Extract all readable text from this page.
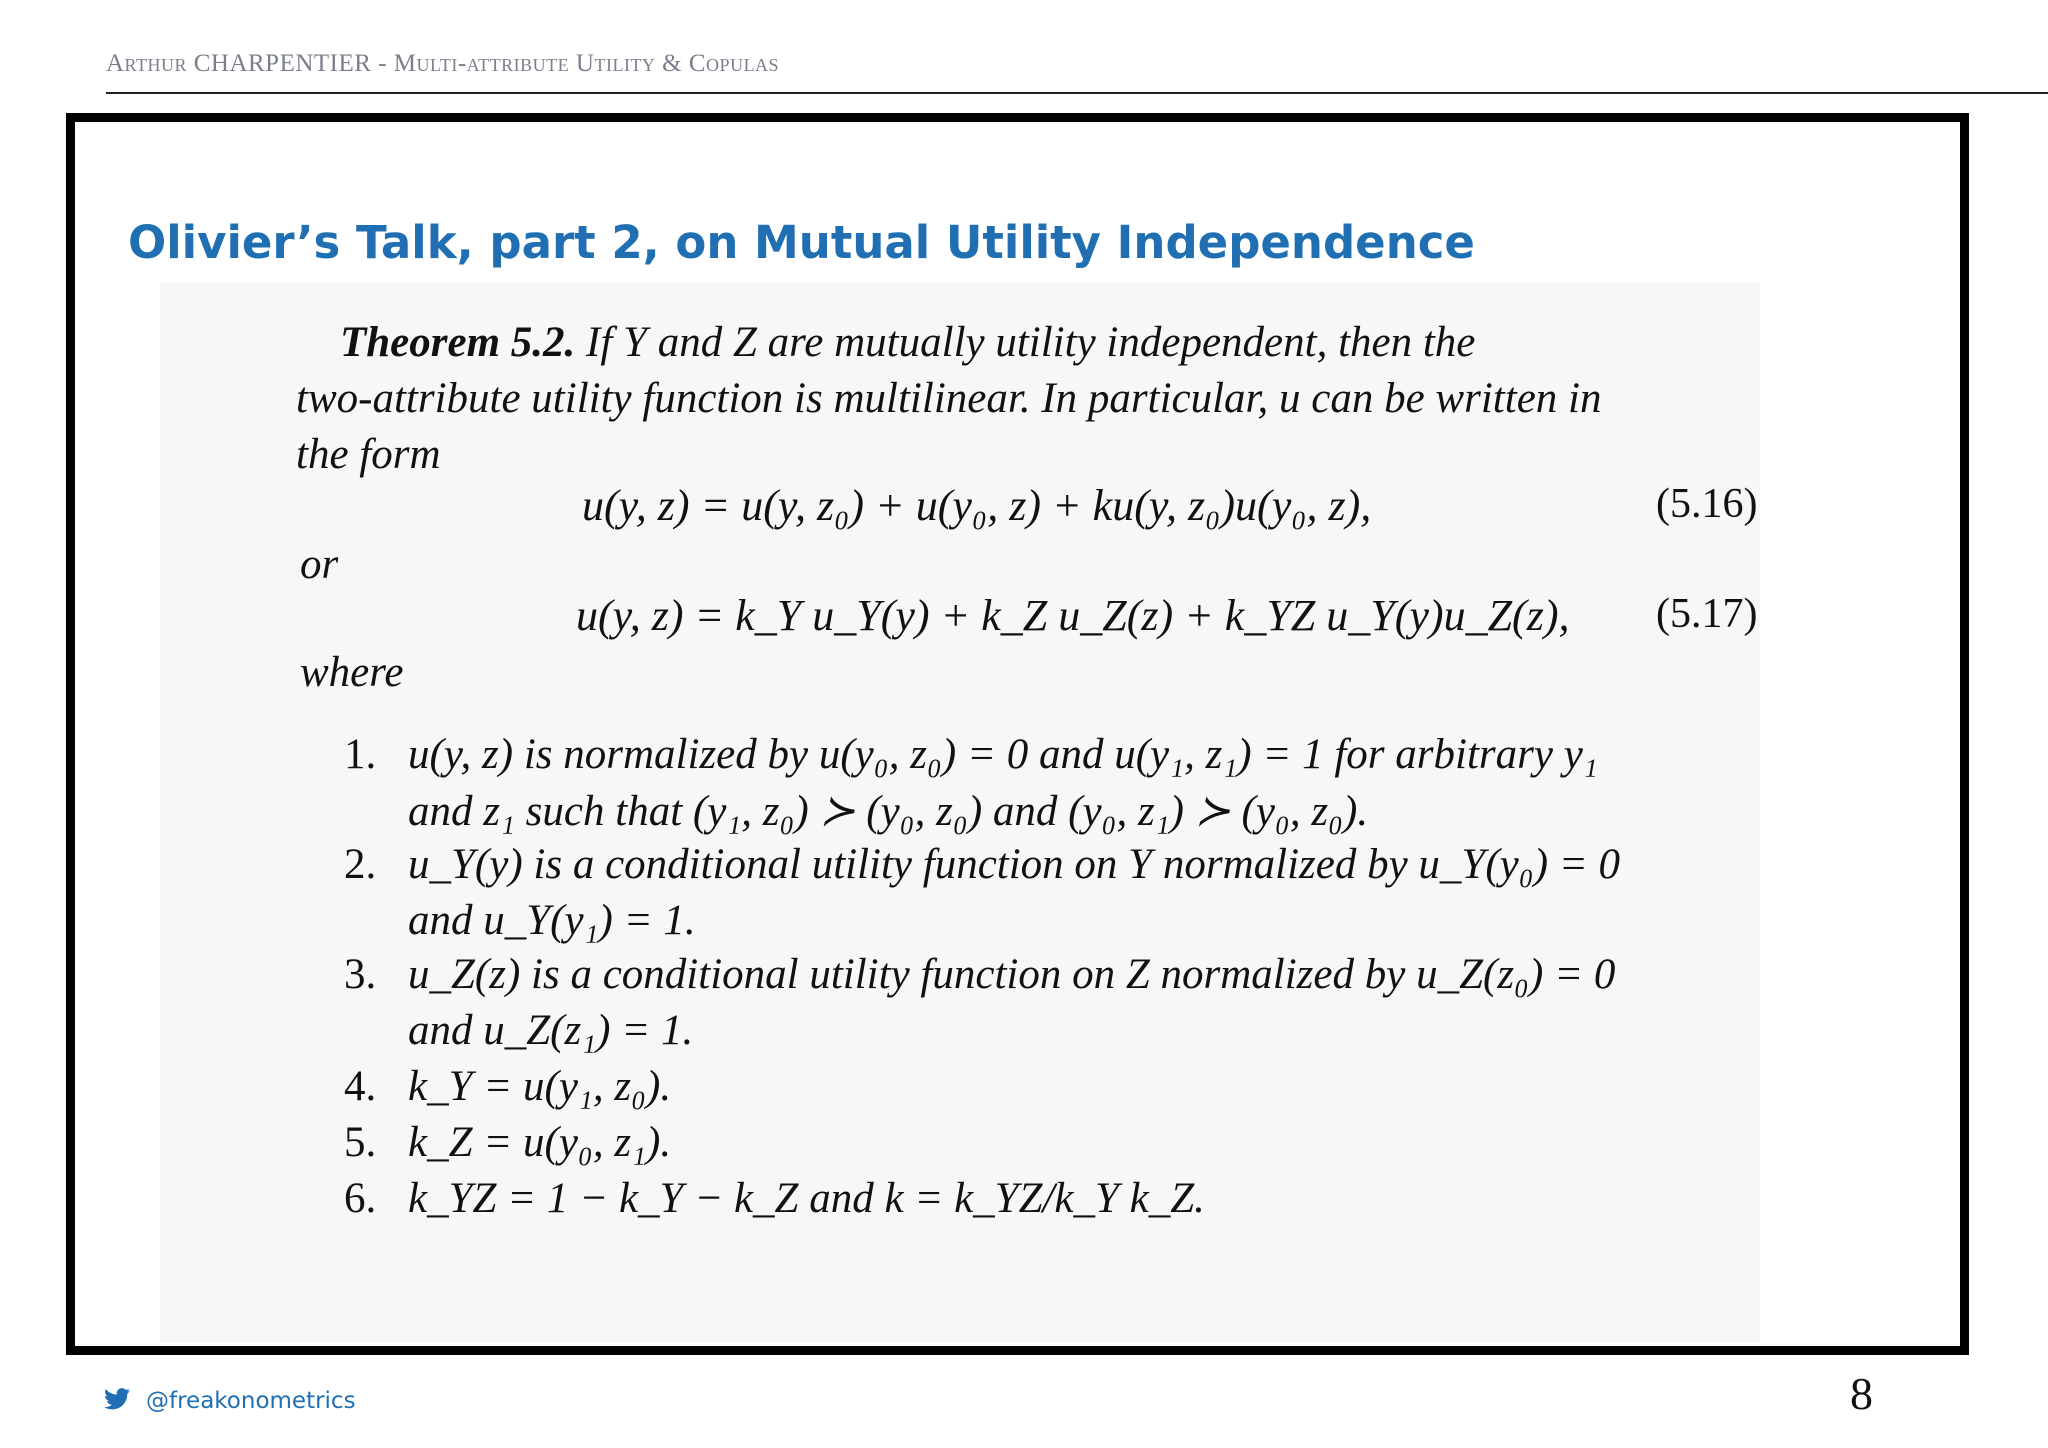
Arthur CHARPENTIER - Multi-attribute Utility & Copulas
Olivier’s Talk, part 2, on Mutual Utility Independence
Theorem 5.2. If Y and Z are mutually utility independent, then the
two-attribute utility function is multilinear. In particular, u can be written in
the form
u(y, z) = u(y, z₀) + u(y₀, z) + ku(y, z₀)u(y₀, z),	(5.16)
or
u(y, z) = k_Y u_Y(y) + k_Z u_Z(z) + k_YZ u_Y(y)u_Z(z), (5.17)
where
1. u(y, z) is normalized by u(y₀, z₀) = 0 and u(y₁, z₁) = 1 for arbitrary y₁
and z₁ such that (y₁, z₀) ≻ (y₀, z₀) and (y₀, z₁) ≻ (y₀, z₀).
2. u_Y(y) is a conditional utility function on Y normalized by u_Y(y₀) = 0
and u_Y(y₁) = 1.
3. u_Z(z) is a conditional utility function on Z normalized by u_Z(z₀) = 0
and u_Z(z₁) = 1.
4. k_Y = u(y₁, z₀).
5. k_Z = u(y₀, z₁).
6. k_YZ = 1 − k_Y − k_Z and k = k_YZ/k_Y k_Z.
@freakonometrics	8
